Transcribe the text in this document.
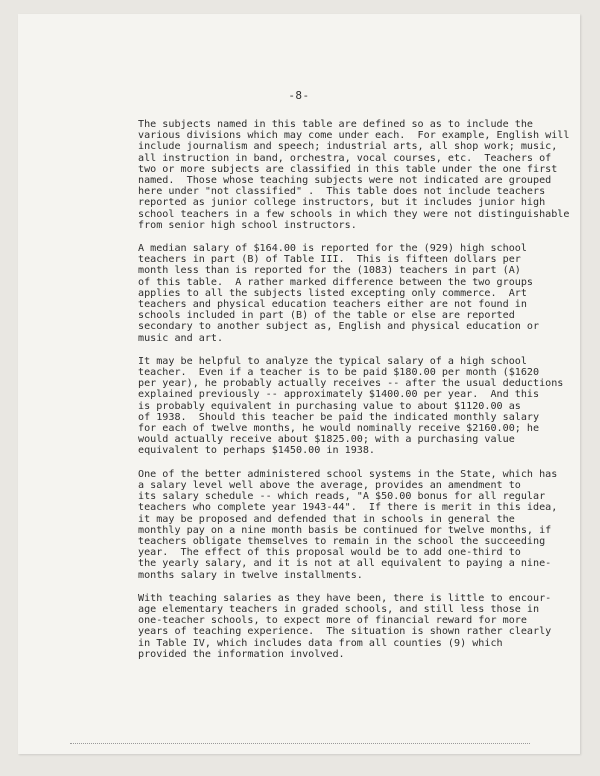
-8-
The subjects named in this table are defined so as to include the
various divisions which may come under each.  For example, English will
include journalism and speech; industrial arts, all shop work; music,
all instruction in band, orchestra, vocal courses, etc.  Teachers of
two or more subjects are classified in this table under the one first
named.  Those whose teaching subjects were not indicated are grouped
here under "not classified" .  This table does not include teachers
reported as junior college instructors, but it includes junior high
school teachers in a few schools in which they were not distinguishable
from senior high school instructors.
A median salary of $164.00 is reported for the (929) high school
teachers in part (B) of Table III.  This is fifteen dollars per
month less than is reported for the (1083) teachers in part (A)
of this table.  A rather marked difference between the two groups
applies to all the subjects listed excepting only commerce.  Art
teachers and physical education teachers either are not found in
schools included in part (B) of the table or else are reported
secondary to another subject as, English and physical education or
music and art.
It may be helpful to analyze the typical salary of a high school
teacher.  Even if a teacher is to be paid $180.00 per month ($1620
per year), he probably actually receives -- after the usual deductions
explained previously -- approximately $1400.00 per year.  And this
is probably equivalent in purchasing value to about $1120.00 as
of 1938.  Should this teacher be paid the indicated monthly salary
for each of twelve months, he would nominally receive $2160.00; he
would actually receive about $1825.00; with a purchasing value
equivalent to perhaps $1450.00 in 1938.
One of the better administered school systems in the State, which has
a salary level well above the average, provides an amendment to
its salary schedule -- which reads, "A $50.00 bonus for all regular
teachers who complete year 1943-44".  If there is merit in this idea,
it may be proposed and defended that in schools in general the
monthly pay on a nine month basis be continued for twelve months, if
teachers obligate themselves to remain in the school the succeeding
year.  The effect of this proposal would be to add one-third to
the yearly salary, and it is not at all equivalent to paying a nine-
months salary in twelve installments.
With teaching salaries as they have been, there is little to encour-
age elementary teachers in graded schools, and still less those in
one-teacher schools, to expect more of financial reward for more
years of teaching experience.  The situation is shown rather clearly
in Table IV, which includes data from all counties (9) which
provided the information involved.
